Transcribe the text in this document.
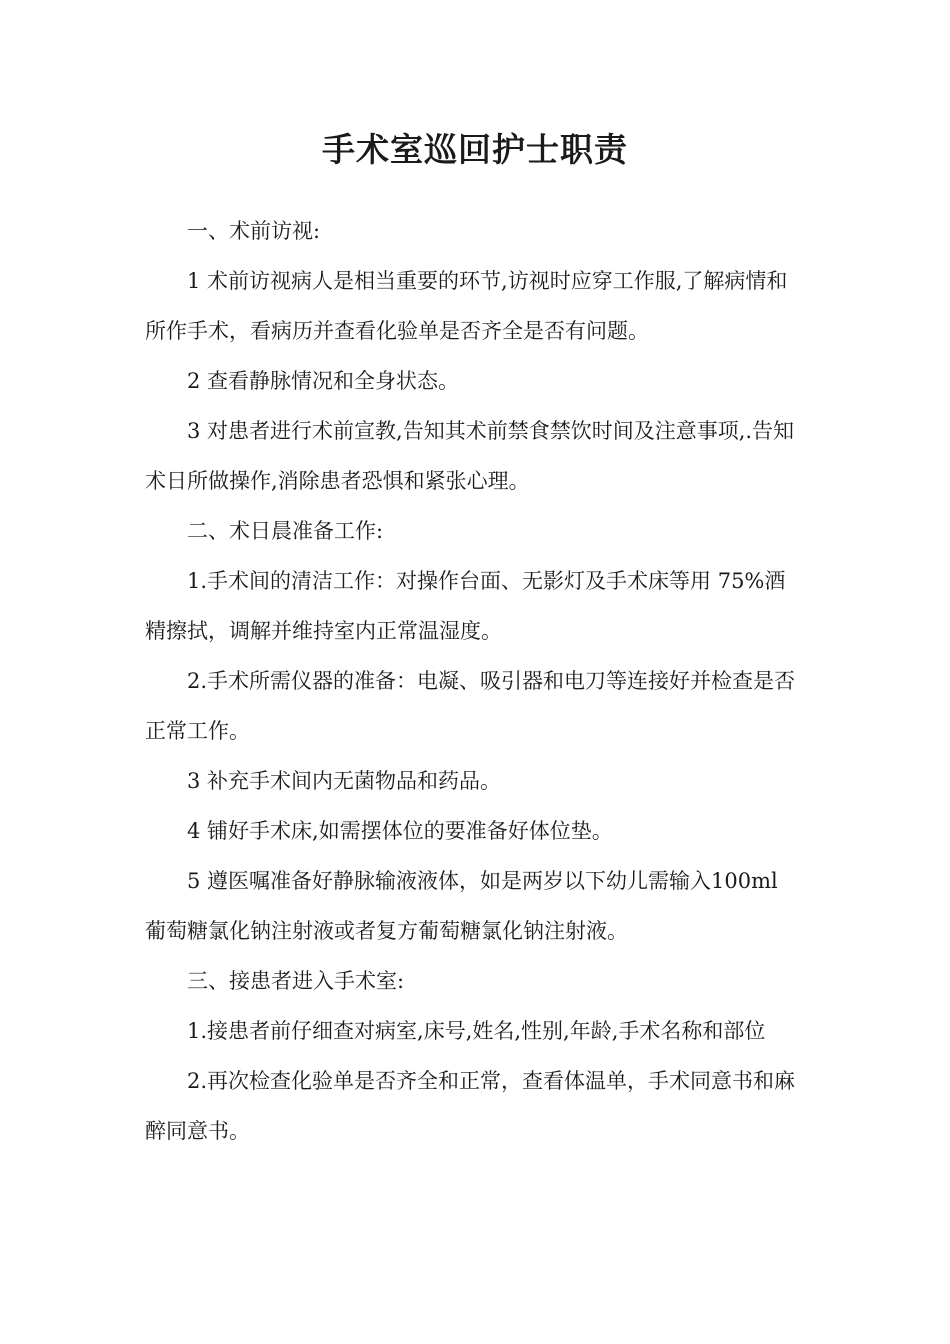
手术室巡回护士职责

一、术前访视:

1 术前访视病人是相当重要的环节,访视时应穿工作服,了解病情和所作手术，看病历并查看化验单是否齐全是否有问题。

2 查看静脉情况和全身状态。

3 对患者进行术前宣教,告知其术前禁食禁饮时间及注意事项,.告知术日所做操作,消除患者恐惧和紧张心理。

二、术日晨准备工作:

1.手术间的清洁工作：对操作台面、无影灯及手术床等用 75%酒精擦拭，调解并维持室内正常温湿度。

2.手术所需仪器的准备：电凝、吸引器和电刀等连接好并检查是否正常工作。

3 补充手术间内无菌物品和药品。

4 铺好手术床,如需摆体位的要准备好体位垫。

5 遵医嘱准备好静脉输液液体，如是两岁以下幼儿需输入100ml 葡萄糖氯化钠注射液或者复方葡萄糖氯化钠注射液。

三、接患者进入手术室:

1.接患者前仔细查对病室,床号,姓名,性别,年龄,手术名称和部位

2.再次检查化验单是否齐全和正常，查看体温单，手术同意书和麻醉同意书。
